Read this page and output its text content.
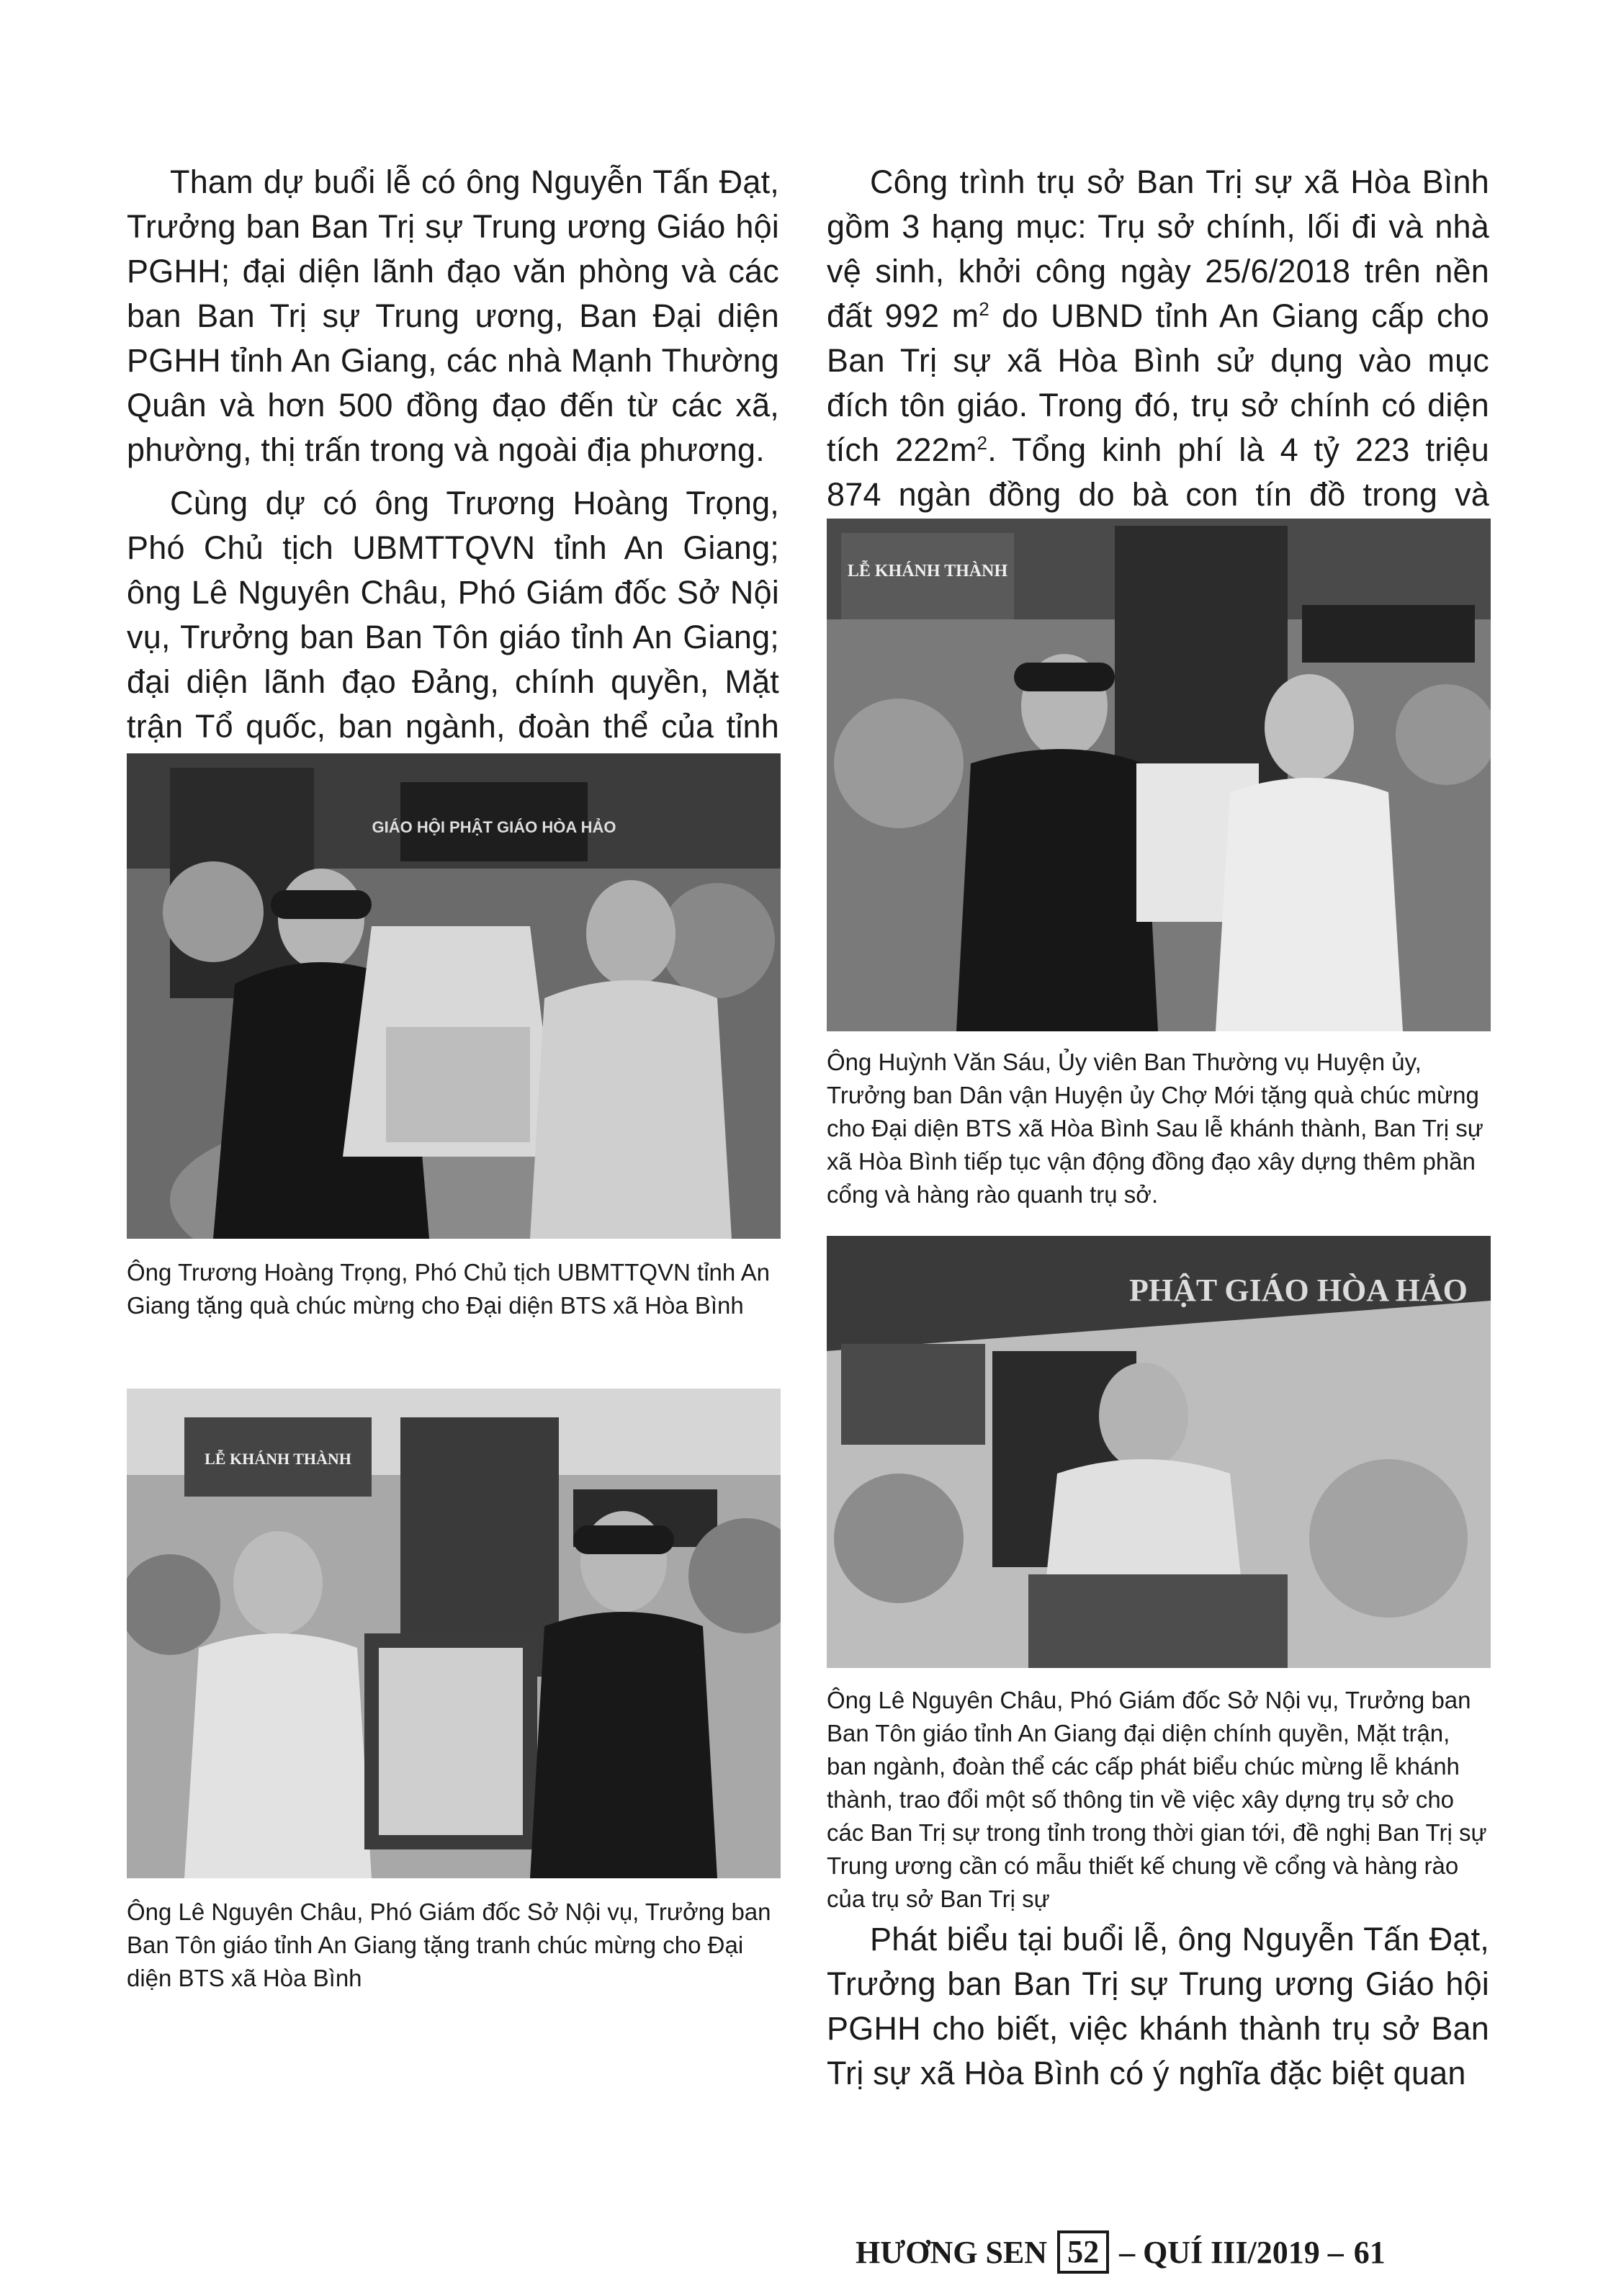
Tham dự buổi lễ có ông Nguyễn Tấn Đạt, Trưởng ban Ban Trị sự Trung ương Giáo hội PGHH; đại diện lãnh đạo văn phòng và các ban Ban Trị sự Trung ương, Ban Đại diện PGHH tỉnh An Giang, các nhà Mạnh Thường Quân và hơn 500 đồng đạo đến từ các xã, phường, thị trấn trong và ngoài địa phương.

Cùng dự có ông Trương Hoàng Trọng, Phó Chủ tịch UBMTTQVN tỉnh An Giang; ông Lê Nguyên Châu, Phó Giám đốc Sở Nội vụ, Trưởng ban Ban Tôn giáo tỉnh An Giang; đại diện lãnh đạo Đảng, chính quyền, Mặt trận Tổ quốc, ban ngành, đoàn thể của tỉnh

GIÁO HỘI PHẬT GIÁO HÒA HẢO

Ông Trương Hoàng Trọng, Phó Chủ tịch UBMTTQVN tỉnh An Giang tặng quà chúc mừng cho Đại diện BTS xã Hòa Bình

LỄ KHÁNH THÀNH

Ông Lê Nguyên Châu, Phó Giám đốc Sở Nội vụ, Trưởng ban Ban Tôn giáo tỉnh An Giang tặng tranh chúc mừng cho Đại diện BTS xã Hòa Bình

Công trình trụ sở Ban Trị sự xã Hòa Bình gồm 3 hạng mục: Trụ sở chính, lối đi và nhà vệ sinh, khởi công ngày 25/6/2018 trên nền đất 992 $m^2$ do UBND tỉnh An Giang cấp cho Ban Trị sự xã Hòa Bình sử dụng vào mục đích tôn giáo. Trong đó, trụ sở chính có diện tích $222m^2$. Tổng kinh phí là 4 tỷ 223 triệu 874 ngàn đồng do bà con tín đồ trong và

LỄ KHÁNH THÀNH

Ông Huỳnh Văn Sáu, Ủy viên Ban Thường vụ Huyện ủy, Trưởng ban Dân vận Huyện ủy Chợ Mới tặng quà chúc mừng cho Đại diện BTS xã Hòa Bình Sau lễ khánh thành, Ban Trị sự xã Hòa Bình tiếp tục vận động đồng đạo xây dựng thêm phần cổng và hàng rào quanh trụ sở.

PHẬT GIÁO HÒA HẢO

Ông Lê Nguyên Châu, Phó Giám đốc Sở Nội vụ, Trưởng ban Ban Tôn giáo tỉnh An Giang đại diện chính quyền, Mặt trận, ban ngành, đoàn thể các cấp phát biểu chúc mừng lễ khánh thành, trao đổi một số thông tin về việc xây dựng trụ sở cho các Ban Trị sự trong tỉnh trong thời gian tới, đề nghị Ban Trị sự Trung ương cần có mẫu thiết kế chung về cổng và hàng rào của trụ sở Ban Trị sự

Phát biểu tại buổi lễ, ông Nguyễn Tấn Đạt, Trưởng ban Ban Trị sự Trung ương Giáo hội PGHH cho biết, việc khánh thành trụ sở Ban Trị sự xã Hòa Bình có ý nghĩa đặc biệt quan

HƯƠNG SEN 52 – QUÍ III/2019 – 61
